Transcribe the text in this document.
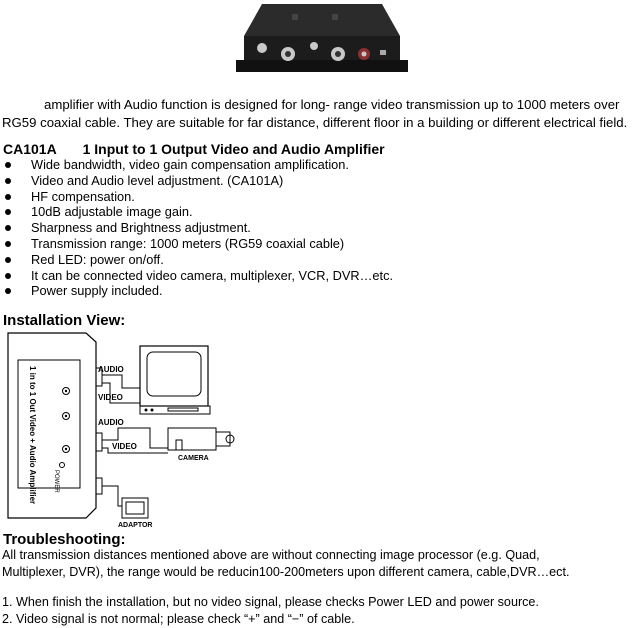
amplifier with Audio function is designed for long- range video transmission up to 1000 meters over
RG59 coaxial cable. They are suitable for far distance, different floor in a building or different electrical field.
CA101A 1 Input to 1 Output Video and Audio Amplifier
Wide bandwidth, video gain compensation amplification.
Video and Audio level adjustment. (CA101A)
HF compensation.
10dB adjustable image gain.
Sharpness and Brightness adjustment.
Transmission range: 1000 meters (RG59 coaxial cable)
Red LED: power on/off.
It can be connected video camera, multiplexer, VCR, DVR…etc.
Power supply included.
Installation View:
1 in to 1 Out Video + Audio Amplifier	POWER
AUDIO
VIDEO
AUDIO
VIDEO
CAMERA
ADAPTOR
Troubleshooting:
All transmission distances mentioned above are without connecting image processor (e.g. Quad,
Multiplexer, DVR), the range would be reducin100-200meters upon different camera, cable,DVR…ect.
1. When finish the installation, but no video signal, please checks Power LED and power source.
2. Video signal is not normal; please check “+” and “−” of cable.
